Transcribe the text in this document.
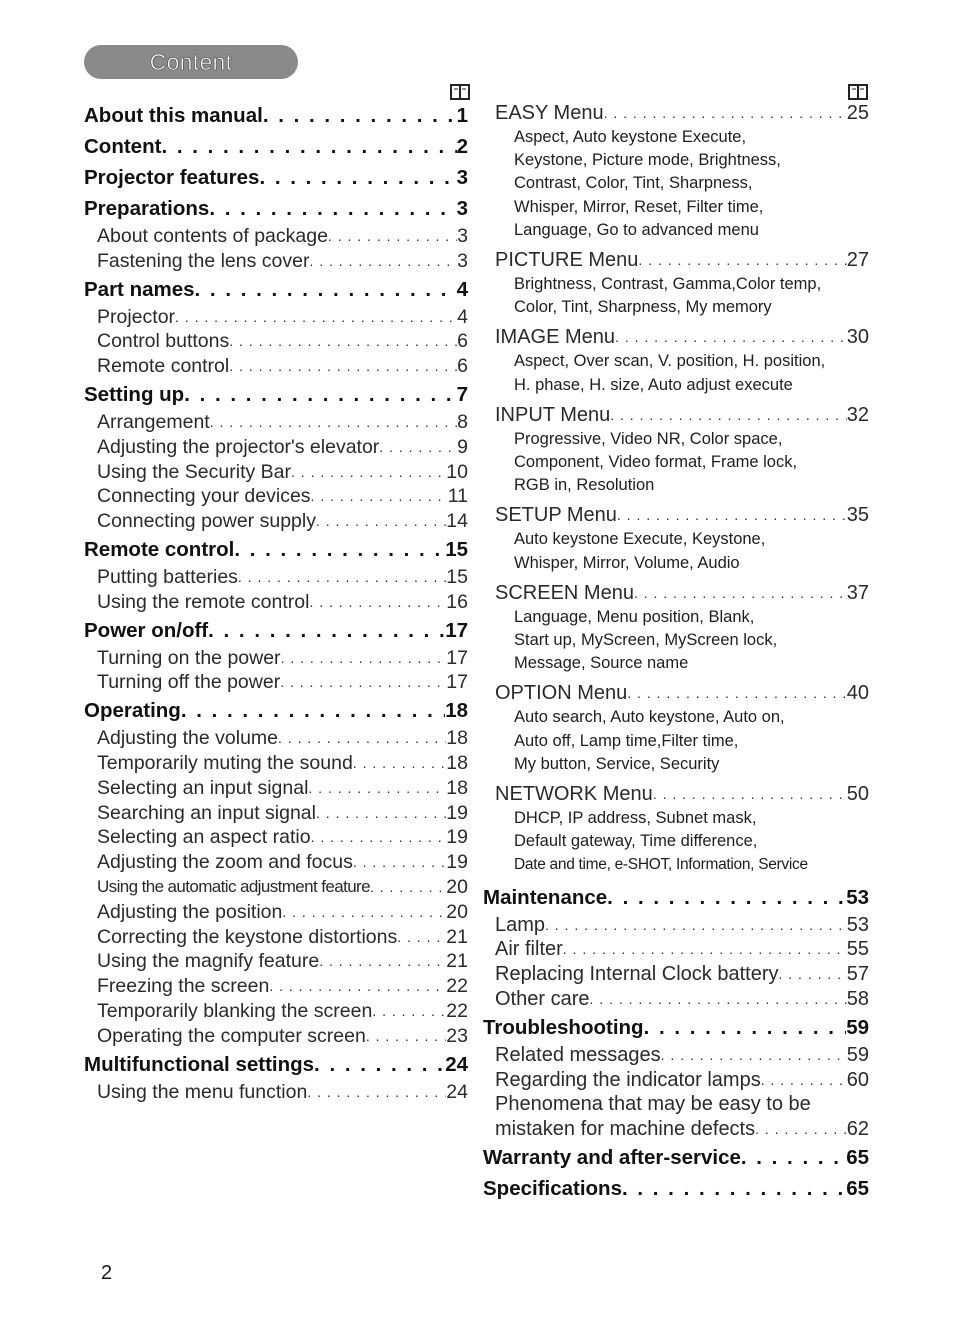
Content
About this manual . . .	1
Content . . .	2
Projector features . . .	3
Preparations . . .	3
About contents of package . . .	3
Fastening the lens cover . . .	3
Part names . . .	4
Projector . . .	4
Control buttons . . .	6
Remote control . . .	6
Setting up . . .	7
Arrangement . . .	8
Adjusting the projector's elevator . . .	9
Using the Security Bar . . .	10
Connecting your devices . . .	11
Connecting power supply . . .	14
Remote control . . .	15
Putting batteries . . .	15
Using the remote control . . .	16
Power on/off . . .	17
Turning on the power . . .	17
Turning off the power . . .	17
Operating . . .	18
Adjusting the volume . . .	18
Temporarily muting the sound . . .	18
Selecting an input signal . . .	18
Searching an input signal . . .	19
Selecting an aspect ratio . . .	19
Adjusting the zoom and focus . . .	19
Using the automatic adjustment feature . . .	20
Adjusting the position . . .	20
Correcting the keystone distortions . . .	21
Using the magnify feature . . .	21
Freezing the screen . . .	22
Temporarily blanking the screen . . .	22
Operating the computer screen . . .	23
Multifunctional settings . . .	24
Using the menu function . . .	24
EASY Menu . . .	25
Aspect, Auto keystone Execute,
Keystone, Picture mode, Brightness,
Contrast, Color, Tint, Sharpness,
Whisper, Mirror, Reset, Filter time,
Language, Go to advanced menu
PICTURE Menu . . .	27
Brightness, Contrast, Gamma,Color temp,
Color, Tint, Sharpness, My memory
IMAGE Menu . . .	30
Aspect, Over scan, V. position, H. position,
H. phase, H. size, Auto adjust execute
INPUT Menu . . .	32
Progressive, Video NR, Color space,
Component, Video format, Frame lock,
RGB in, Resolution
SETUP Menu . . .	35
Auto keystone Execute, Keystone,
Whisper, Mirror, Volume, Audio
SCREEN Menu . . .	37
Language, Menu position, Blank,
Start up, MyScreen, MyScreen lock,
Message, Source name
OPTION Menu . . .	40
Auto search, Auto keystone, Auto on,
Auto off, Lamp time,Filter time,
My button, Service, Security
NETWORK Menu . . .	50
DHCP, IP address, Subnet mask,
Default gateway, Time difference,
Date and time, e-SHOT, Information, Service
Maintenance . . .	53
Lamp . . .	53
Air filter . . .	55
Replacing Internal Clock battery . . .	57
Other care . . .	58
Troubleshooting . . .	59
Related messages . . .	59
Regarding the indicator lamps . . .	60
Phenomena that may be easy to be
mistaken for machine defects . . .	62
Warranty and after-service . . .	65
Specifications . . .	65
2
